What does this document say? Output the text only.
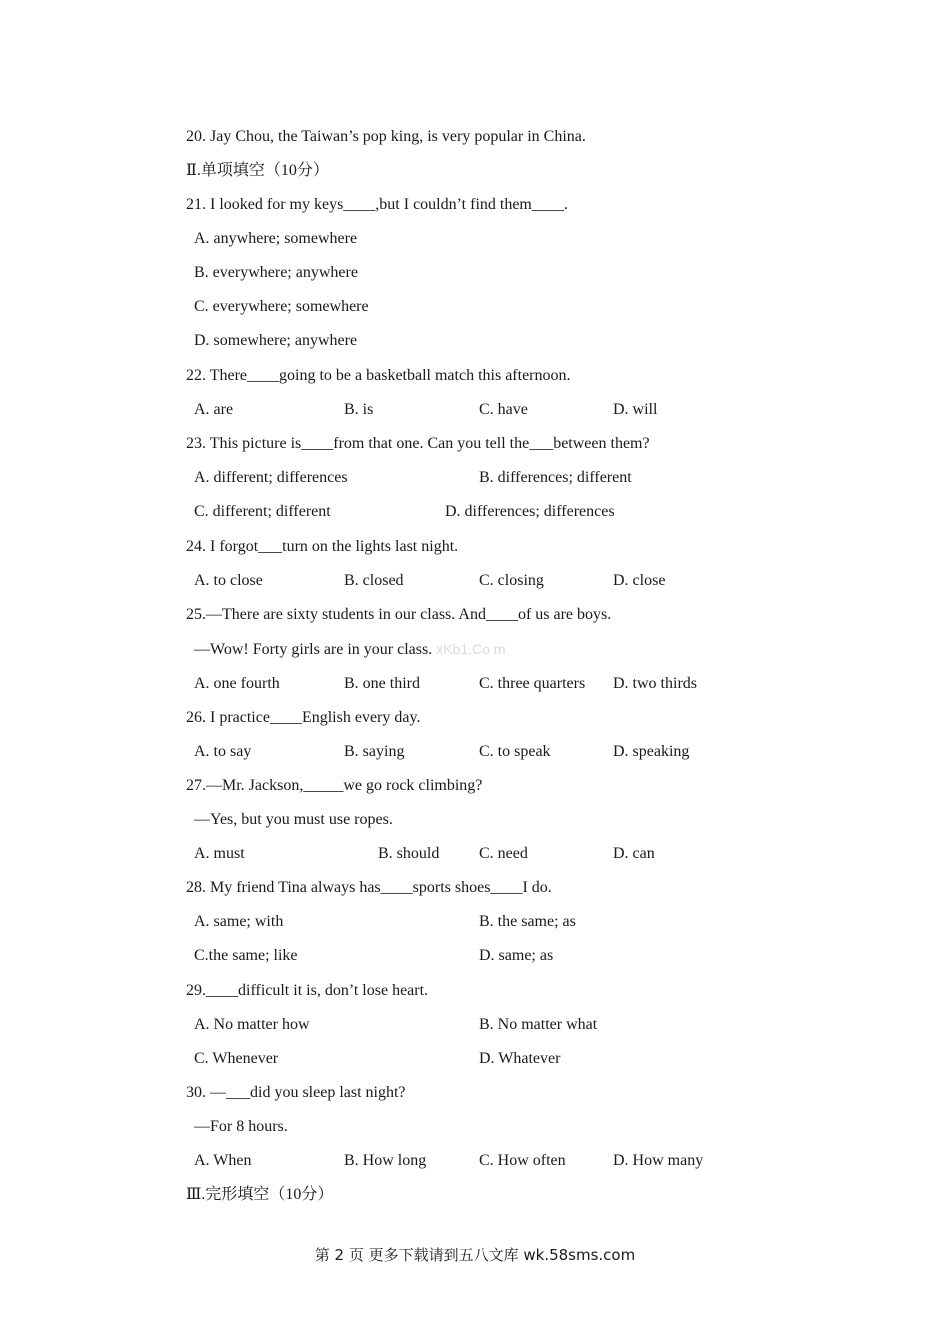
20. Jay Chou, the Taiwan’s pop king, is very popular in China.
Ⅱ.单项填空（10分）
21. I looked for my keys____,but I couldn’t find them____.
A. anywhere; somewhere
B. everywhere; anywhere
C. everywhere; somewhere
D. somewhere; anywhere
22. There____going to be a basketball match this afternoon.
A. are	B. is	C. have	D. will
23. This picture is____from that one. Can you tell the___between them?
A. different; differences	B. differences; different
C. different; different	D. differences; differences
24. I forgot___turn on the lights last night.
A. to close	B. closed	C. closing	D. close
25.—There are sixty students in our class. And____of us are boys.
—Wow! Forty girls are in your class. xKb1.Co m
A. one fourth	B. one third	C. three quarters D. two thirds
26. I practice____English every day.
A. to say	B. saying	C. to speak	D. speaking
27.—Mr. Jackson,_____we go rock climbing?
—Yes, but you must use ropes.
A. must	B. should C. need	D. can
28. My friend Tina always has____sports shoes____I do.
A. same; with	B. the same; as
C.the same; like	D. same; as
29.____difficult it is, don’t lose heart.
A. No matter how	B. No matter what
C. Whenever	D. Whatever
30. —___did you sleep last night?
—For 8 hours.
A. When	B. How long	C. How often	D. How many
Ⅲ.完形填空（10分）
第 2 页 更多下载请到五八文库 wk.58sms.com
